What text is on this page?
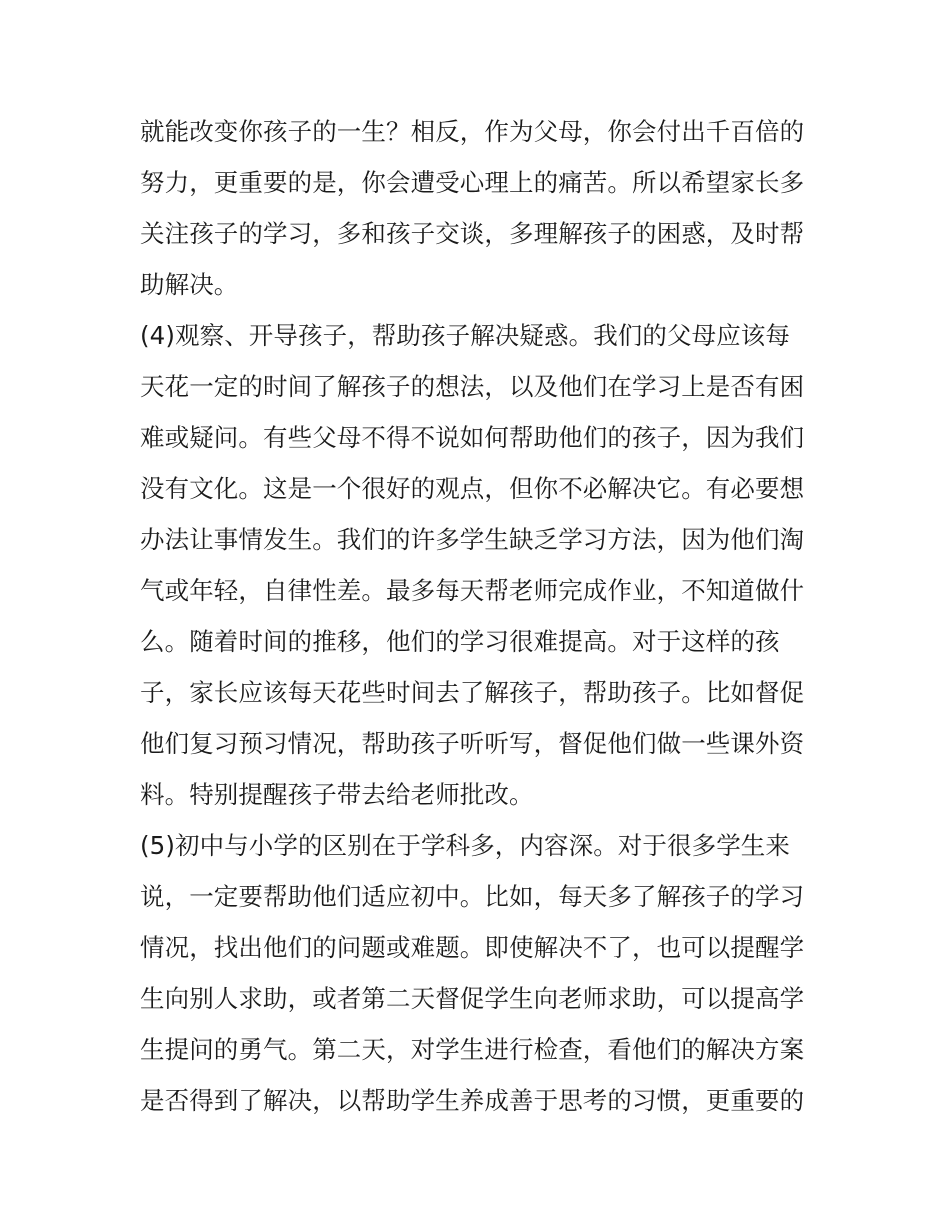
就能改变你孩子的一生？相反，作为父母，你会付出千百倍的
努力，更重要的是，你会遭受心理上的痛苦。所以希望家长多
关注孩子的学习，多和孩子交谈，多理解孩子的困惑，及时帮
助解决。
(4)观察、开导孩子，帮助孩子解决疑惑。我们的父母应该每
天花一定的时间了解孩子的想法，以及他们在学习上是否有困
难或疑问。有些父母不得不说如何帮助他们的孩子，因为我们
没有文化。这是一个很好的观点，但你不必解决它。有必要想
办法让事情发生。我们的许多学生缺乏学习方法，因为他们淘
气或年轻，自律性差。最多每天帮老师完成作业，不知道做什
么。随着时间的推移，他们的学习很难提高。对于这样的孩
子，家长应该每天花些时间去了解孩子，帮助孩子。比如督促
他们复习预习情况，帮助孩子听听写，督促他们做一些课外资
料。特别提醒孩子带去给老师批改。
(5)初中与小学的区别在于学科多，内容深。对于很多学生来
说，一定要帮助他们适应初中。比如，每天多了解孩子的学习
情况，找出他们的问题或难题。即使解决不了，也可以提醒学
生向别人求助，或者第二天督促学生向老师求助，可以提高学
生提问的勇气。第二天，对学生进行检查，看他们的解决方案
是否得到了解决，以帮助学生养成善于思考的习惯，更重要的
